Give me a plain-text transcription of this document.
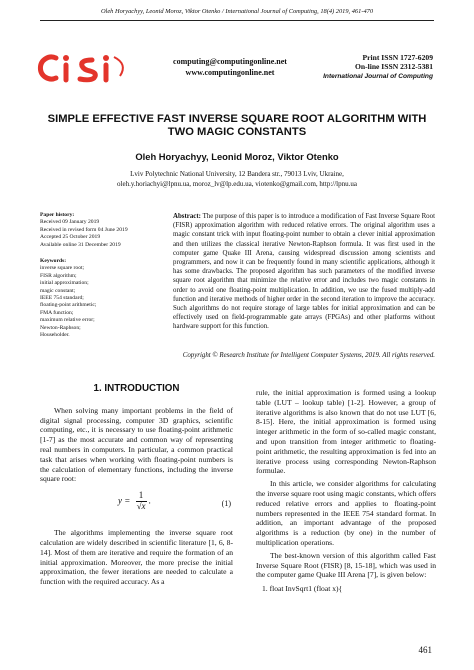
Oleh Horyachyy, Leonid Moroz, Viktor Otenko / International Journal of Computing, 18(4) 2019, 461-470
computing@computingonline.net
www.computingonline.net
Print ISSN 1727-6209
On-line ISSN 2312-5381
International Journal of Computing
SIMPLE EFFECTIVE FAST INVERSE SQUARE ROOT ALGORITHM WITH
TWO MAGIC CONSTANTS
Oleh Horyachyy, Leonid Moroz, Viktor Otenko
Lviv Polytechnic National University, 12 Bandera str., 79013 Lviv, Ukraine,
oleh.y.horiachyi@lpnu.ua, moroz_lv@lp.edu.ua, viotenko@gmail.com, http://lpnu.ua
Paper history:
Received 09 January 2019
Received in revised form 04 June 2019
Accepted 25 October 2019
Available online 31 December 2019
Keywords:
inverse square root;
FISR algorithm;
initial approximation;
magic constant;
IEEE 754 standard;
floating-point arithmetic;
FMA function;
maximum relative error;
Newton-Raphson;
Householder.
Abstract: The purpose of this paper is to introduce a modification of Fast Inverse Square Root (FISR) approximation algorithm with reduced relative errors. The original algorithm uses a magic constant trick with input floating-point number to obtain a clever initial approximation and then utilizes the classical iterative Newton-Raphson formula. It was first used in the computer game Quake III Arena, causing widespread discussion among scientists and programmers, and now it can be frequently found in many scientific applications, although it has some drawbacks. The proposed algorithm has such parameters of the modified inverse square root algorithm that minimize the relative error and includes two magic constants in order to avoid one floating-point multiplication. In addition, we use the fused multiply-add function and iterative methods of higher order in the second iteration to improve the accuracy. Such algorithms do not require storage of large tables for initial approximation and can be effectively used on field-programmable gate arrays (FPGAs) and other platforms without hardware support for this function.
Copyright © Research Institute for Intelligent Computer Systems, 2019. All rights reserved.
1. INTRODUCTION

When solving many important problems in the field of digital signal processing, computer 3D graphics, scientific computing, etc., it is necessary to use floating-point arithmetic [1-7] as the most accurate and common way of representing real numbers in computers. In particular, a common practical task that arises when working with floating-point numbers is the calculation of elementary functions, including the inverse square root:

$y = \frac{1}{√x}$ .	(1)

The algorithms implementing the inverse square root calculation are widely described in scientific literature [1, 6, 8-14]. Most of them are iterative and require the formation of an initial approximation. Moreover, the more precise the initial approximation, the fewer iterations are needed to calculate a function with the required accuracy. As a

rule, the initial approximation is formed using a lookup table (LUT – lookup table) [1-2]. However, a group of iterative algorithms is also known that do not use LUT [6, 8-15]. Here, the initial approximation is formed using integer arithmetic in the form of so-called magic constant, and upon transition from integer arithmetic to floating-point arithmetic, the resulting approximation is fed into an iterative process using corresponding Newton-Raphson formulae.

In this article, we consider algorithms for calculating the inverse square root using magic constants, which offers reduced relative errors and applies to floating-point numbers represented in the IEEE 754 standard format. In addition, an important advantage of the proposed algorithms is a reduction (by one) in the number of multiplication operations.

The best-known version of this algorithm called Fast Inverse Square Root (FISR) [8, 15-18], which was used in the computer game Quake III Arena [7], is given below:

1. float InvSqrt1 (float x){
461
